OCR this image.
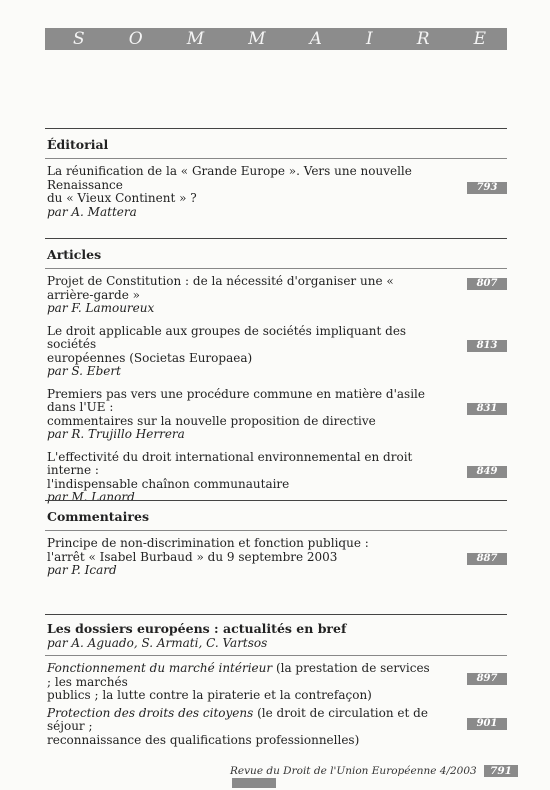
S	O	M	M	A	I	R	E
Éditorial
La réunification de la « Grande Europe ». Vers une nouvelle Renaissance
du « Vieux Continent » ?
par A. Mattera
793
Articles
Projet de Constitution : de la nécessité d'organiser une « arrière-garde »
par F. Lamoureux
807
Le droit applicable aux groupes de sociétés impliquant des sociétés
européennes (Societas Europaea)
par S. Ebert
813
Premiers pas vers une procédure commune en matière d'asile dans l'UE :
commentaires sur la nouvelle proposition de directive
par R. Trujillo Herrera
831
L'effectivité du droit international environnemental en droit interne :
l'indispensable chaînon communautaire
par M. Lanord
849
Commentaires
Principe de non-discrimination et fonction publique :
l'arrêt « Isabel Burbaud » du 9 septembre 2003
par P. Icard
887
Les dossiers européens : actualités en bref
par A. Aguado, S. Armati, C. Vartsos
Fonctionnement du marché intérieur (la prestation de services ; les marchés
publics ; la lutte contre la piraterie et la contrefaçon)
897
Protection des droits des citoyens (le droit de circulation et de séjour ;
reconnaissance des qualifications professionnelles)
901
Revue du Droit de l'Union Européenne 4/2003 791
